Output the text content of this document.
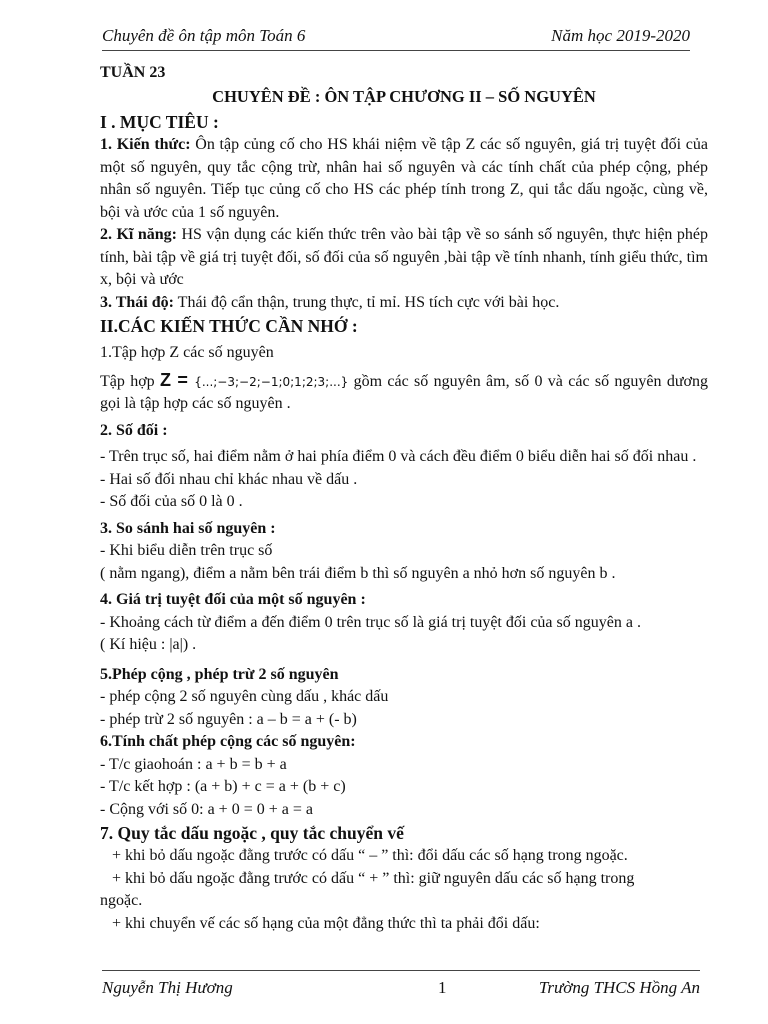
Chuyên đề ôn tập môn Toán 6	Năm học 2019-2020

TUẦN 23

CHUYÊN ĐỀ : ÔN TẬP CHƯƠNG II – SỐ NGUYÊN

I . MỤC TIÊU :

1. Kiến thức: Ôn tập củng cố cho HS khái niệm về tập Z các số nguyên, giá trị tuyệt đối của một số nguyên, quy tắc cộng trừ, nhân hai số nguyên và các tính chất của phép cộng, phép nhân số nguyên. Tiếp tục củng cố cho HS các phép tính trong Z, qui tắc dấu ngoặc, cùng về, bội và ước của 1 số nguyên.

2. Kĩ năng: HS vận dụng các kiến thức trên vào bài tập về so sánh số nguyên, thực hiện phép tính, bài tập về giá trị tuyệt đối, số đối của số nguyên ,bài tập về tính nhanh, tính giểu thức, tìm x, bội và ước

3. Thái độ: Thái độ cẩn thận, trung thực, tỉ mỉ. HS tích cực với bài học.

II.CÁC KIẾN THỨC CẦN NHỚ :

1.Tập hợp Z các số nguyên

Tập hợp Z = {...;−3;−2;−1;0;1;2;3;...} gồm các số nguyên âm, số 0 và các số nguyên dương gọi là tập hợp các số nguyên .

2. Số đối :

- Trên trục số, hai điểm nằm ở hai phía điểm 0 và cách đều điểm 0 biểu diễn hai số đối nhau .

- Hai số đối nhau chỉ khác nhau về dấu .

- Số đối của số 0 là 0 .

3. So sánh hai số nguyên :

- Khi biểu diễn trên trục số

( nằm ngang), điểm a nằm bên trái điểm b thì số nguyên a nhỏ hơn số nguyên b .

4. Giá trị tuyệt đối của một số nguyên :

- Khoảng cách từ điểm a đến điểm 0 trên trục số là giá trị tuyệt đối của số nguyên a .

( Kí hiệu : |a|) .

5.Phép cộng , phép trừ 2 số nguyên

- phép cộng 2 số nguyên cùng dấu , khác dấu

- phép trừ 2 số nguyên : a – b = a + (- b)

6.Tính chất phép cộng các số nguyên:

- T/c giaohoán : a + b = b + a

- T/c kết hợp : (a + b) + c = a + (b + c)

- Cộng với số 0: a + 0 = 0 + a = a

7. Quy tắc dấu ngoặc , quy tắc chuyển vế

+ khi bỏ dấu ngoặc đằng trước có dấu “ – ” thì: đổi dấu các số hạng trong ngoặc.

+ khi bỏ dấu ngoặc đằng trước có dấu “ + ” thì: giữ nguyên dấu các số hạng trong

ngoặc.

+ khi chuyển vế các số hạng của một đẳng thức thì ta phải đổi dấu:

Nguyễn Thị Hương	1	Trường THCS Hồng An
